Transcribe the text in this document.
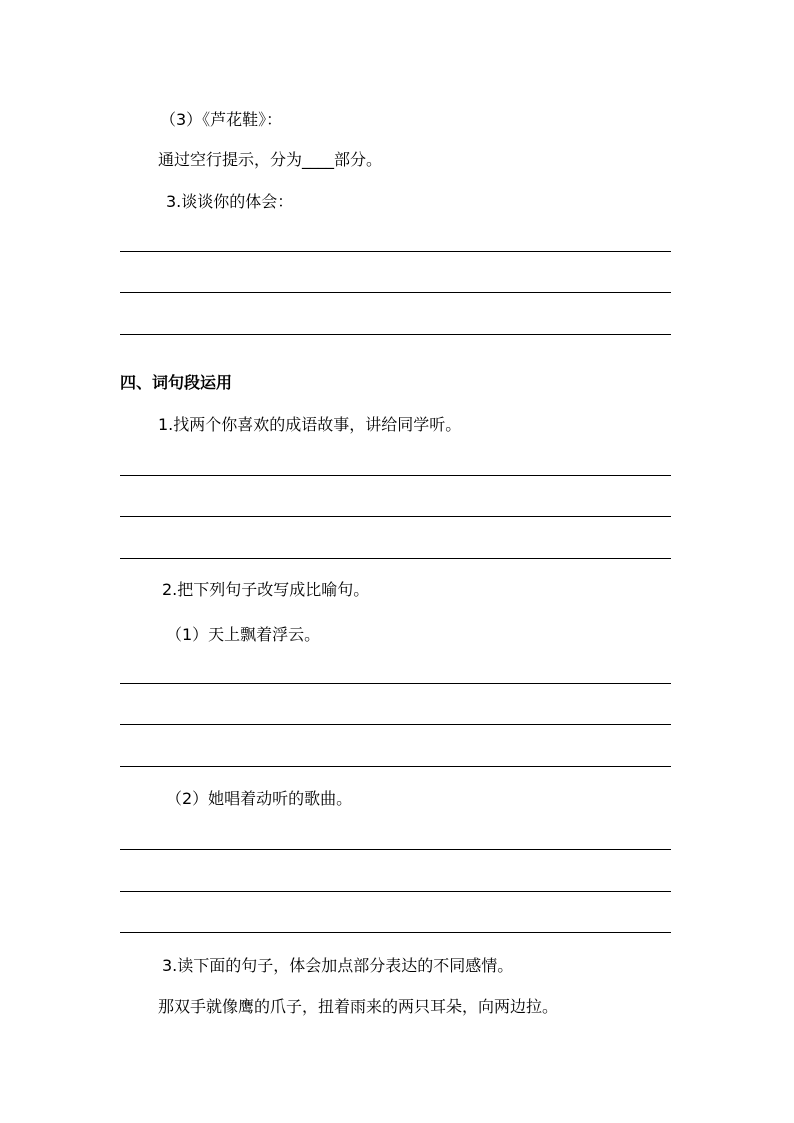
（3）《芦花鞋》：
通过空行提示，分为____部分。
3.谈谈你的体会：
四、词句段运用
1.找两个你喜欢的成语故事，讲给同学听。
2.把下列句子改写成比喻句。
（1）天上飘着浮云。
（2）她唱着动听的歌曲。
3.读下面的句子，体会加点部分表达的不同感情。
那双手就像鹰的爪子，扭着雨来的两只耳朵，向两边拉。
